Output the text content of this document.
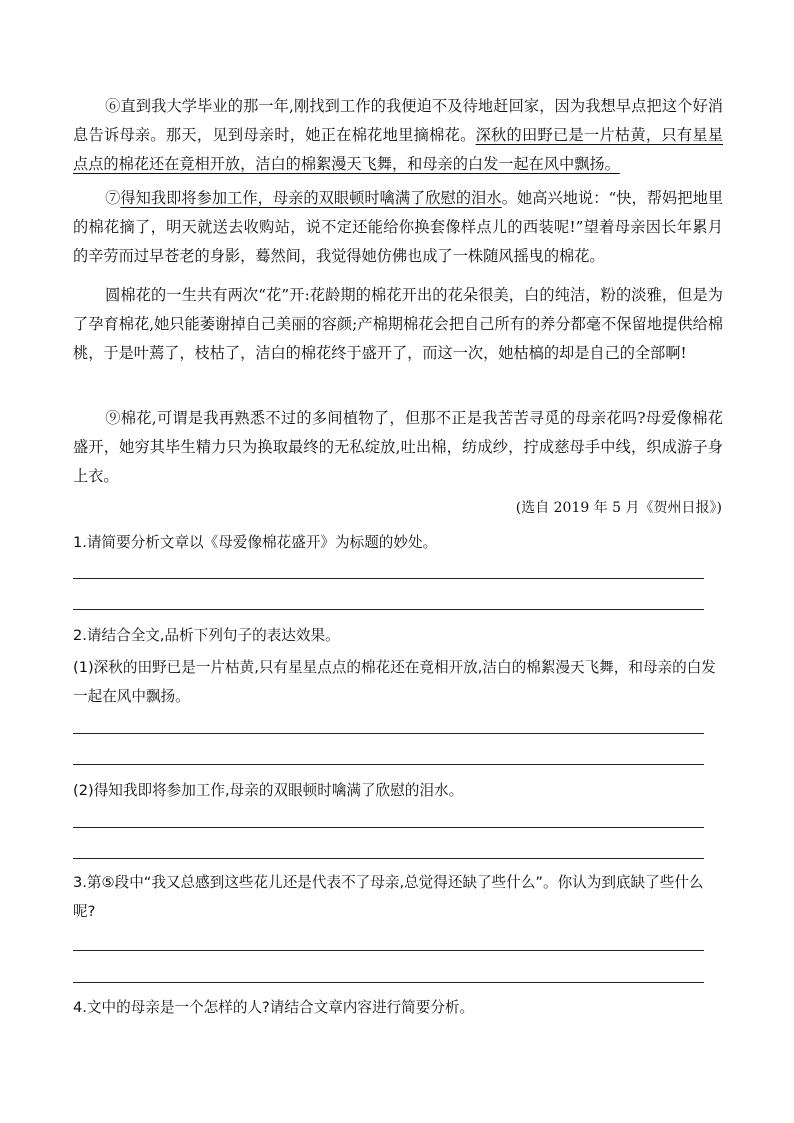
⑥直到我大学毕业的那一年,刚找到工作的我便迫不及待地赶回家，因为我想早点把这个好消息告诉母亲。那天，见到母亲时，她正在棉花地里摘棉花。深秋的田野已是一片枯黄，只有星星点点的棉花还在竟相开放，洁白的棉絮漫天飞舞，和母亲的白发一起在风中飘扬。

⑦得知我即将参加工作，母亲的双眼顿时噙满了欣慰的泪水。她高兴地说：“快，帮妈把地里的棉花摘了，明天就送去收购站，说不定还能给你换套像样点儿的西装呢!”望着母亲因长年累月的辛劳而过早苍老的身影，蓦然间，我觉得她仿佛也成了一株随风摇曳的棉花。

圆棉花的一生共有两次“花”开:花龄期的棉花开出的花朵很美，白的纯洁，粉的淡雅，但是为了孕育棉花,她只能萎谢掉自己美丽的容颜;产棉期棉花会把自己所有的养分都毫不保留地提供给棉桃，于是叶蔫了，枝枯了，洁白的棉花终于盛开了，而这一次，她枯槁的却是自己的全部啊!

⑨棉花,可谓是我再熟悉不过的多间植物了，但那不正是我苦苦寻觅的母亲花吗?母爱像棉花盛开，她穷其毕生精力只为换取最终的无私绽放,吐出棉，纺成纱，拧成慈母手中线，织成游子身上衣。

(选自 2019 年 5 月《贺州日报》)

1.请简要分析文章以《母爱像棉花盛开》为标题的妙处。

2.请结合全文,品析下列句子的表达效果。

(1)深秋的田野已是一片枯黄,只有星星点点的棉花还在竟相开放,洁白的棉絮漫天飞舞，和母亲的白发一起在风中飘扬。

(2)得知我即将参加工作,母亲的双眼顿时噙满了欣慰的泪水。

3.第⑤段中“我又总感到这些花儿还是代表不了母亲,总觉得还缺了些什么”。你认为到底缺了些什么呢?

4.文中的母亲是一个怎样的人?请结合文章内容进行简要分析。
